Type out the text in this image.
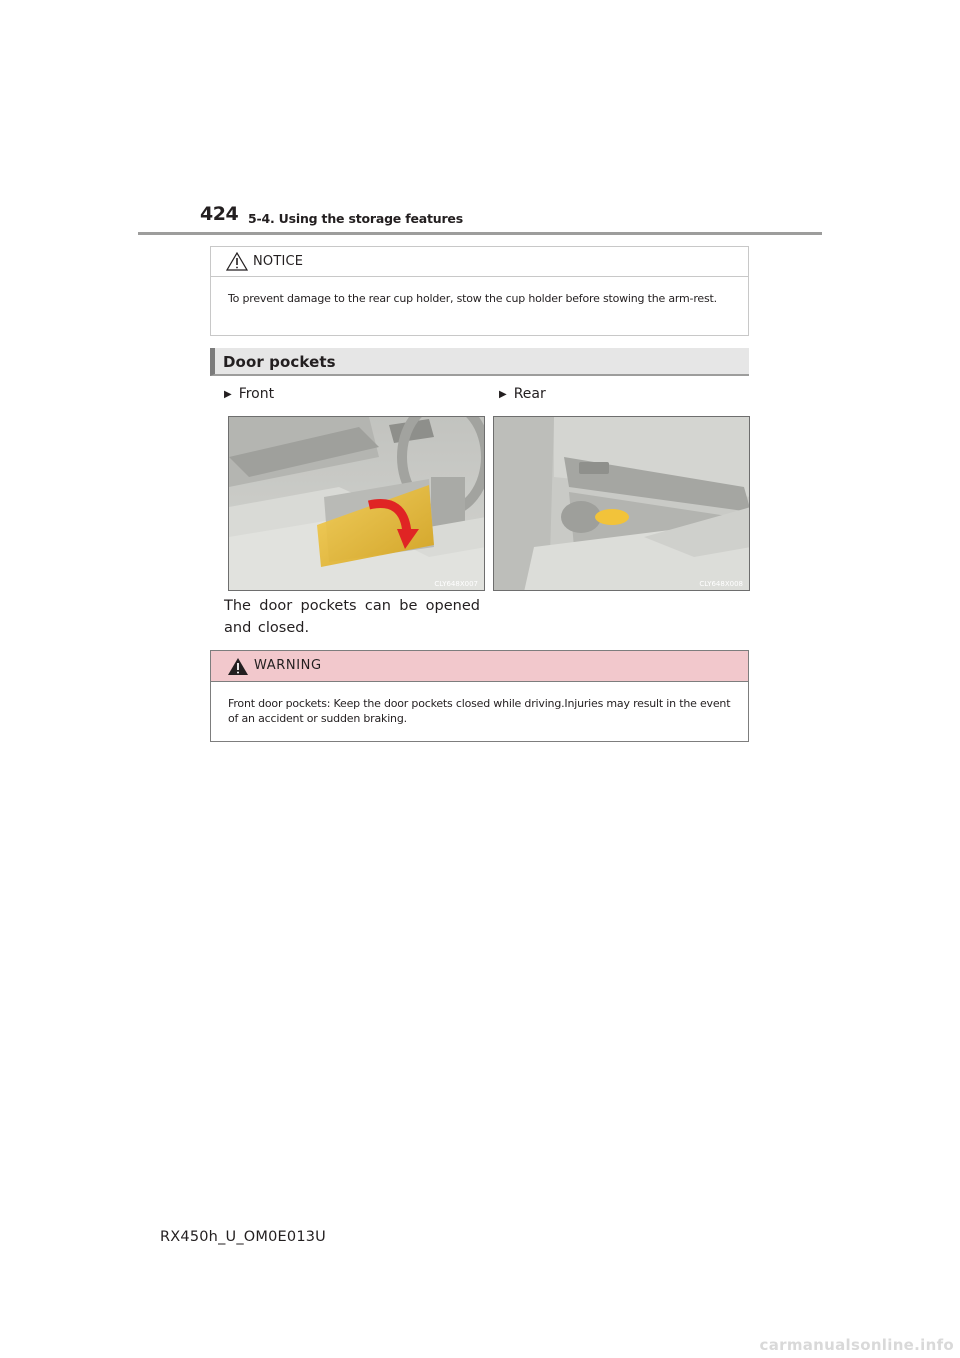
424 5-4. Using the storage features
NOTICE
To prevent damage to the rear cup holder, stow the cup holder before stowing the arm-rest.
Door pockets
▶ Front	▶ Rear
CLY648X007	CLY648X008
The door pockets can be opened and closed.
WARNING
Front door pockets: Keep the door pockets closed while driving.Injuries may result in the event of an accident or sudden braking.
RX450h_U_OM0E013U
carmanualsonline.info
